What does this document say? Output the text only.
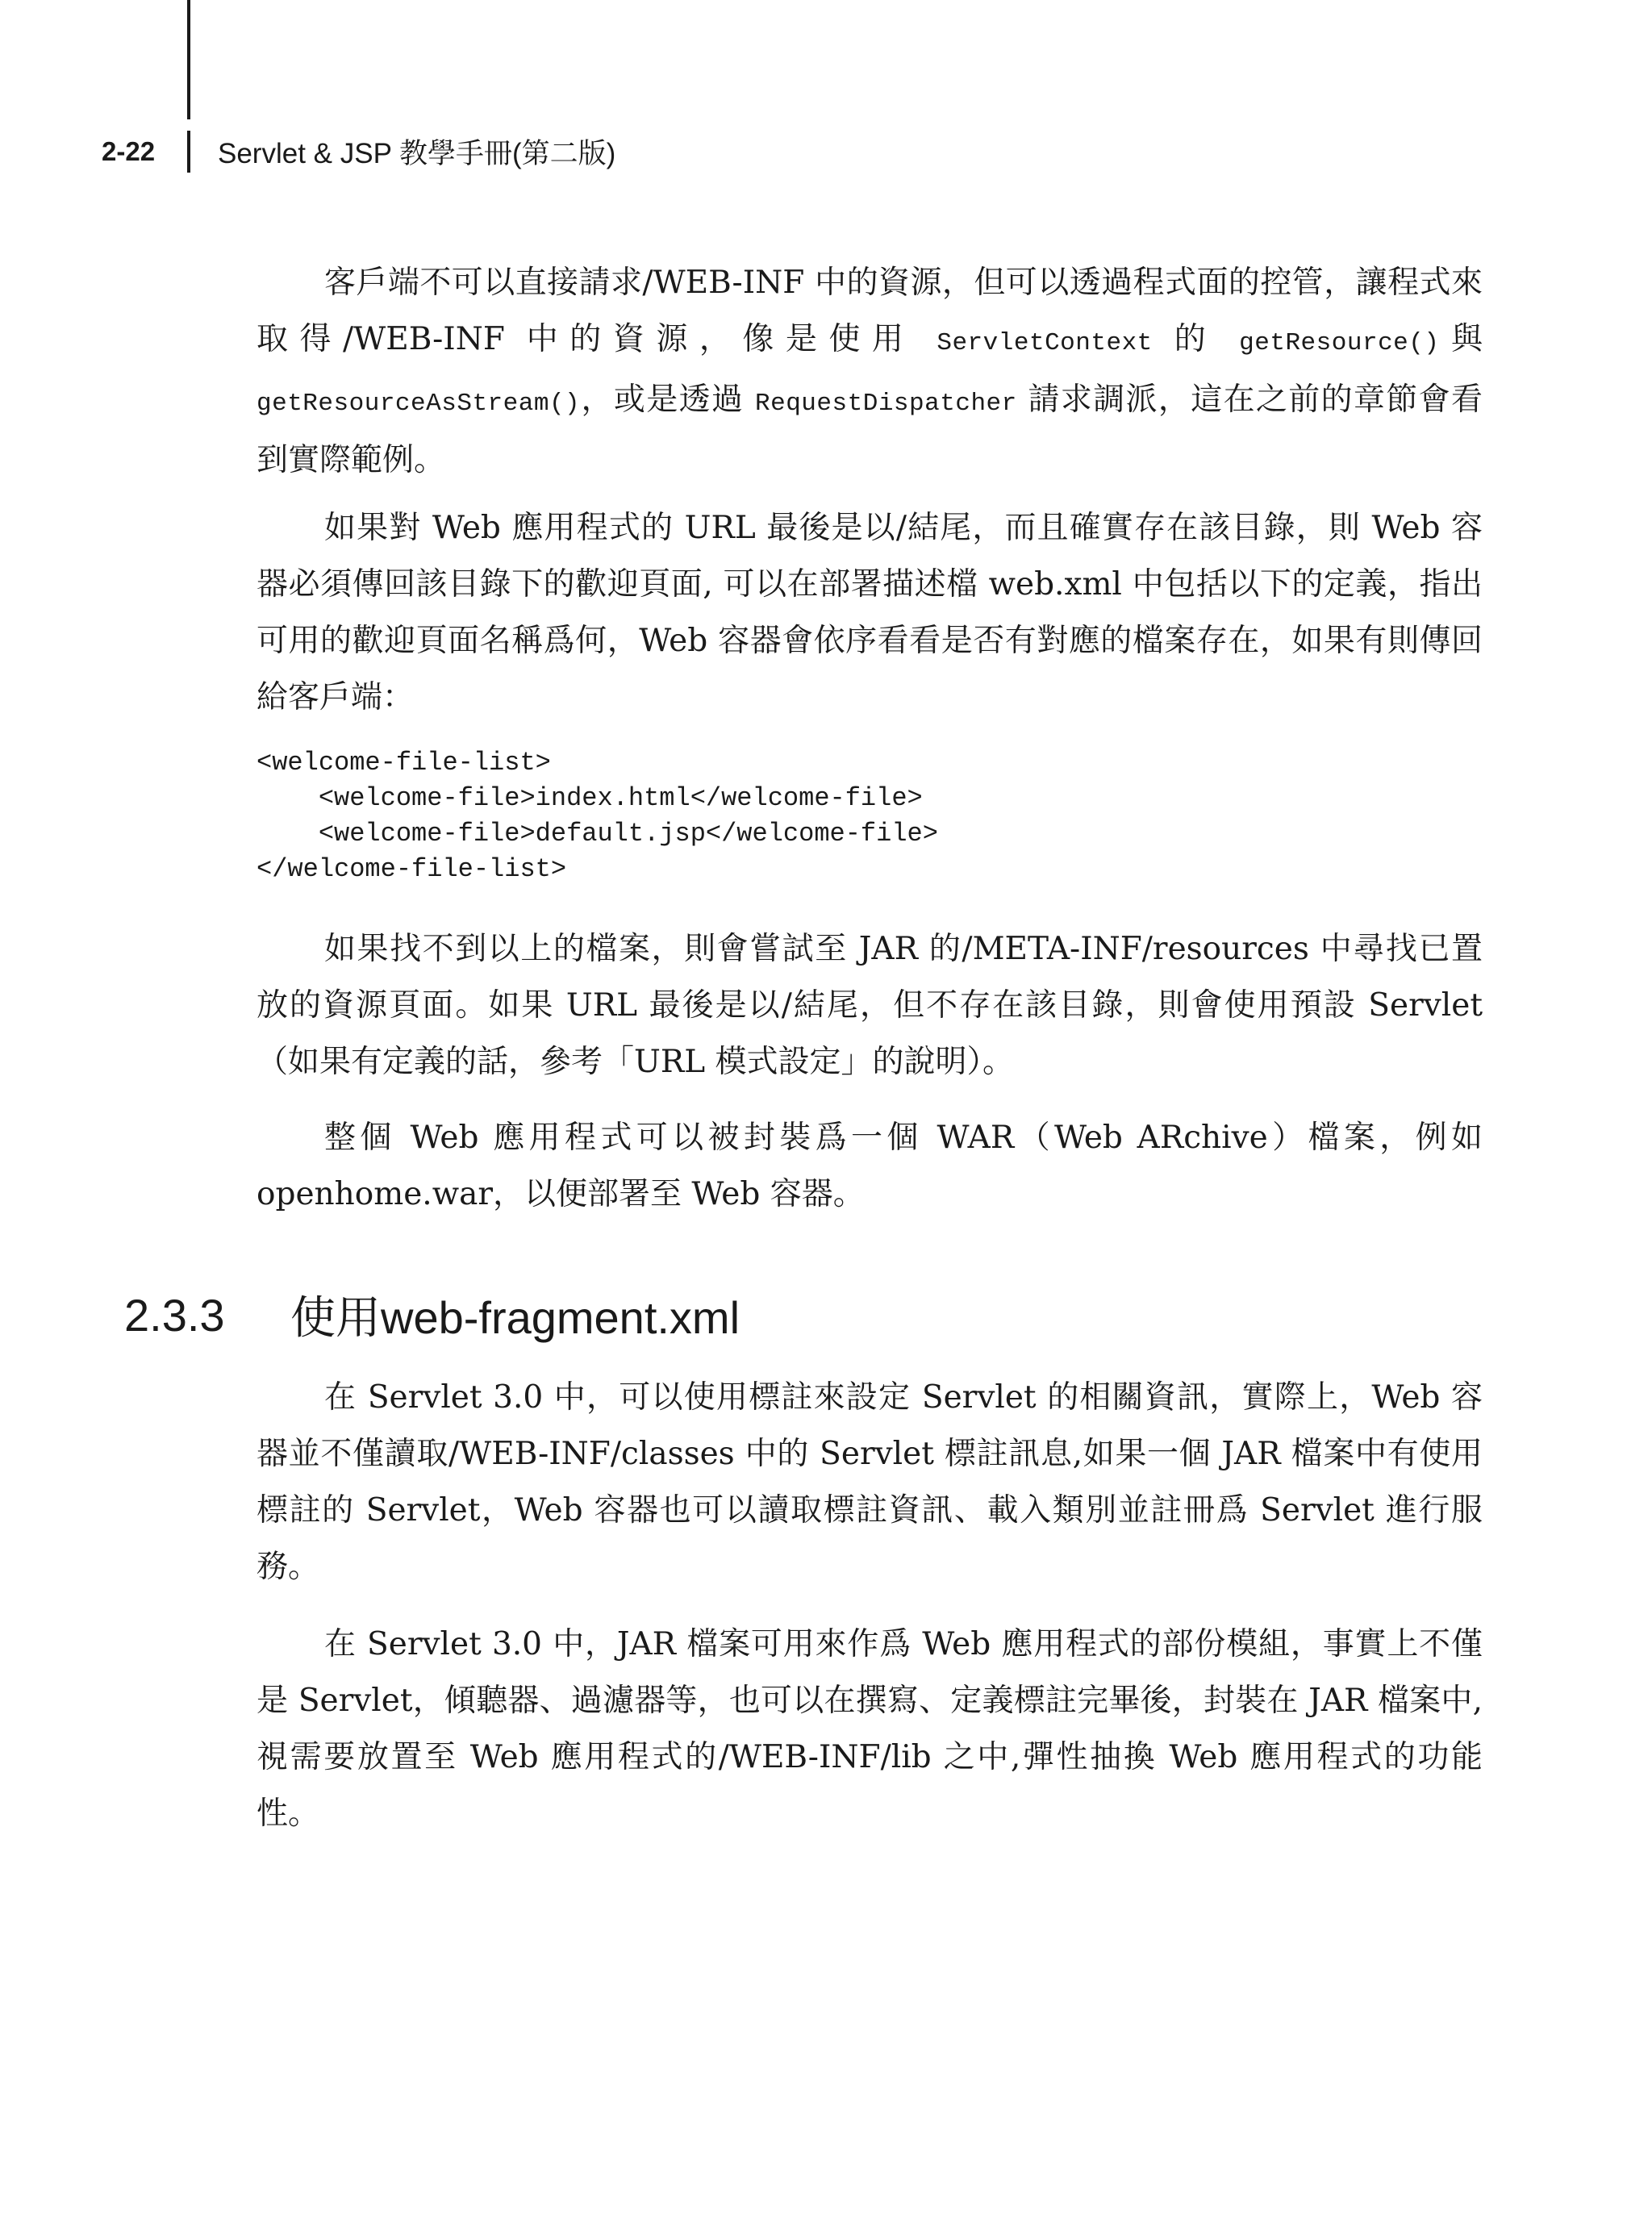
2-22	Servlet & JSP 教學手冊(第二版)

客戶端不可以直接請求/WEB-INF 中的資源，但可以透過程式面的控管，讓程式來取得/WEB-INF 中的資源，像是使用 ServletContext 的 getResource()與getResourceAsStream()，或是透過 RequestDispatcher 請求調派，這在之前的章節會看到實際範例。

如果對 Web 應用程式的 URL 最後是以/結尾，而且確實存在該目錄，則 Web 容器必須傳回該目錄下的歡迎頁面, 可以在部署描述檔 web.xml 中包括以下的定義，指出可用的歡迎頁面名稱爲何，Web 容器會依序看看是否有對應的檔案存在，如果有則傳回給客戶端：

<welcome-file-list>
<welcome-file>index.html</welcome-file>
<welcome-file>default.jsp</welcome-file>
</welcome-file-list>

如果找不到以上的檔案，則會嘗試至 JAR 的/META-INF/resources 中尋找已置放的資源頁面。如果 URL 最後是以/結尾，但不存在該目錄，則會使用預設 Servlet（如果有定義的話，參考「URL 模式設定」的說明）。

整個 Web 應用程式可以被封裝爲一個 WAR（Web ARchive）檔案，例如 openhome.war，以便部署至 Web 容器。

2.3.3	使用web-fragment.xml

在 Servlet 3.0 中，可以使用標註來設定 Servlet 的相關資訊，實際上，Web 容器並不僅讀取/WEB-INF/classes 中的 Servlet 標註訊息,如果一個 JAR 檔案中有使用標註的 Servlet，Web 容器也可以讀取標註資訊、載入類別並註冊爲 Servlet 進行服務。

在 Servlet 3.0 中，JAR 檔案可用來作爲 Web 應用程式的部份模組，事實上不僅是 Servlet，傾聽器、過濾器等，也可以在撰寫、定義標註完畢後，封裝在 JAR 檔案中,視需要放置至 Web 應用程式的/WEB-INF/lib 之中,彈性抽換 Web 應用程式的功能性。
